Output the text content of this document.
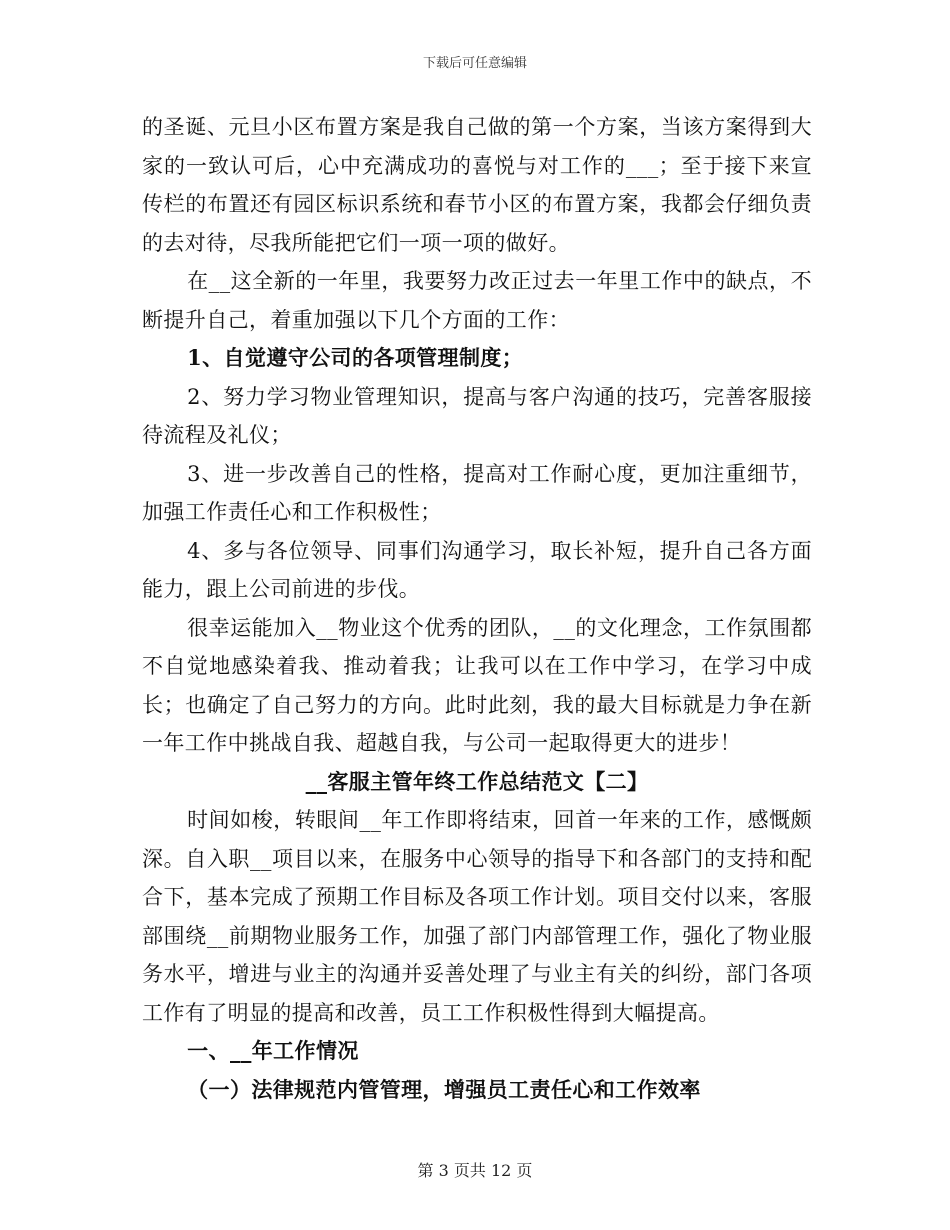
下载后可任意编辑

的圣诞、元旦小区布置方案是我自己做的第一个方案，当该方案得到大家的一致认可后，心中充满成功的喜悦与对工作的___；至于接下来宣传栏的布置还有园区标识系统和春节小区的布置方案，我都会仔细负责的去对待，尽我所能把它们一项一项的做好。

在__这全新的一年里，我要努力改正过去一年里工作中的缺点，不断提升自己，着重加强以下几个方面的工作：

1、自觉遵守公司的各项管理制度；

2、努力学习物业管理知识，提高与客户沟通的技巧，完善客服接待流程及礼仪；

3、进一步改善自己的性格，提高对工作耐心度，更加注重细节，加强工作责任心和工作积极性；

4、多与各位领导、同事们沟通学习，取长补短，提升自己各方面能力，跟上公司前进的步伐。

很幸运能加入__物业这个优秀的团队，__的文化理念，工作氛围都不自觉地感染着我、推动着我；让我可以在工作中学习，在学习中成长；也确定了自己努力的方向。此时此刻，我的最大目标就是力争在新一年工作中挑战自我、超越自我，与公司一起取得更大的进步！

__客服主管年终工作总结范文【二】

时间如梭，转眼间__年工作即将结束，回首一年来的工作，感慨颇深。自入职__项目以来，在服务中心领导的指导下和各部门的支持和配合下，基本完成了预期工作目标及各项工作计划。项目交付以来，客服部围绕__前期物业服务工作，加强了部门内部管理工作，强化了物业服务水平，增进与业主的沟通并妥善处理了与业主有关的纠纷，部门各项工作有了明显的提高和改善，员工工作积极性得到大幅提高。

一、__年工作情况

（一）法律规范内管管理，增强员工责任心和工作效率

第 3 页共 12 页
